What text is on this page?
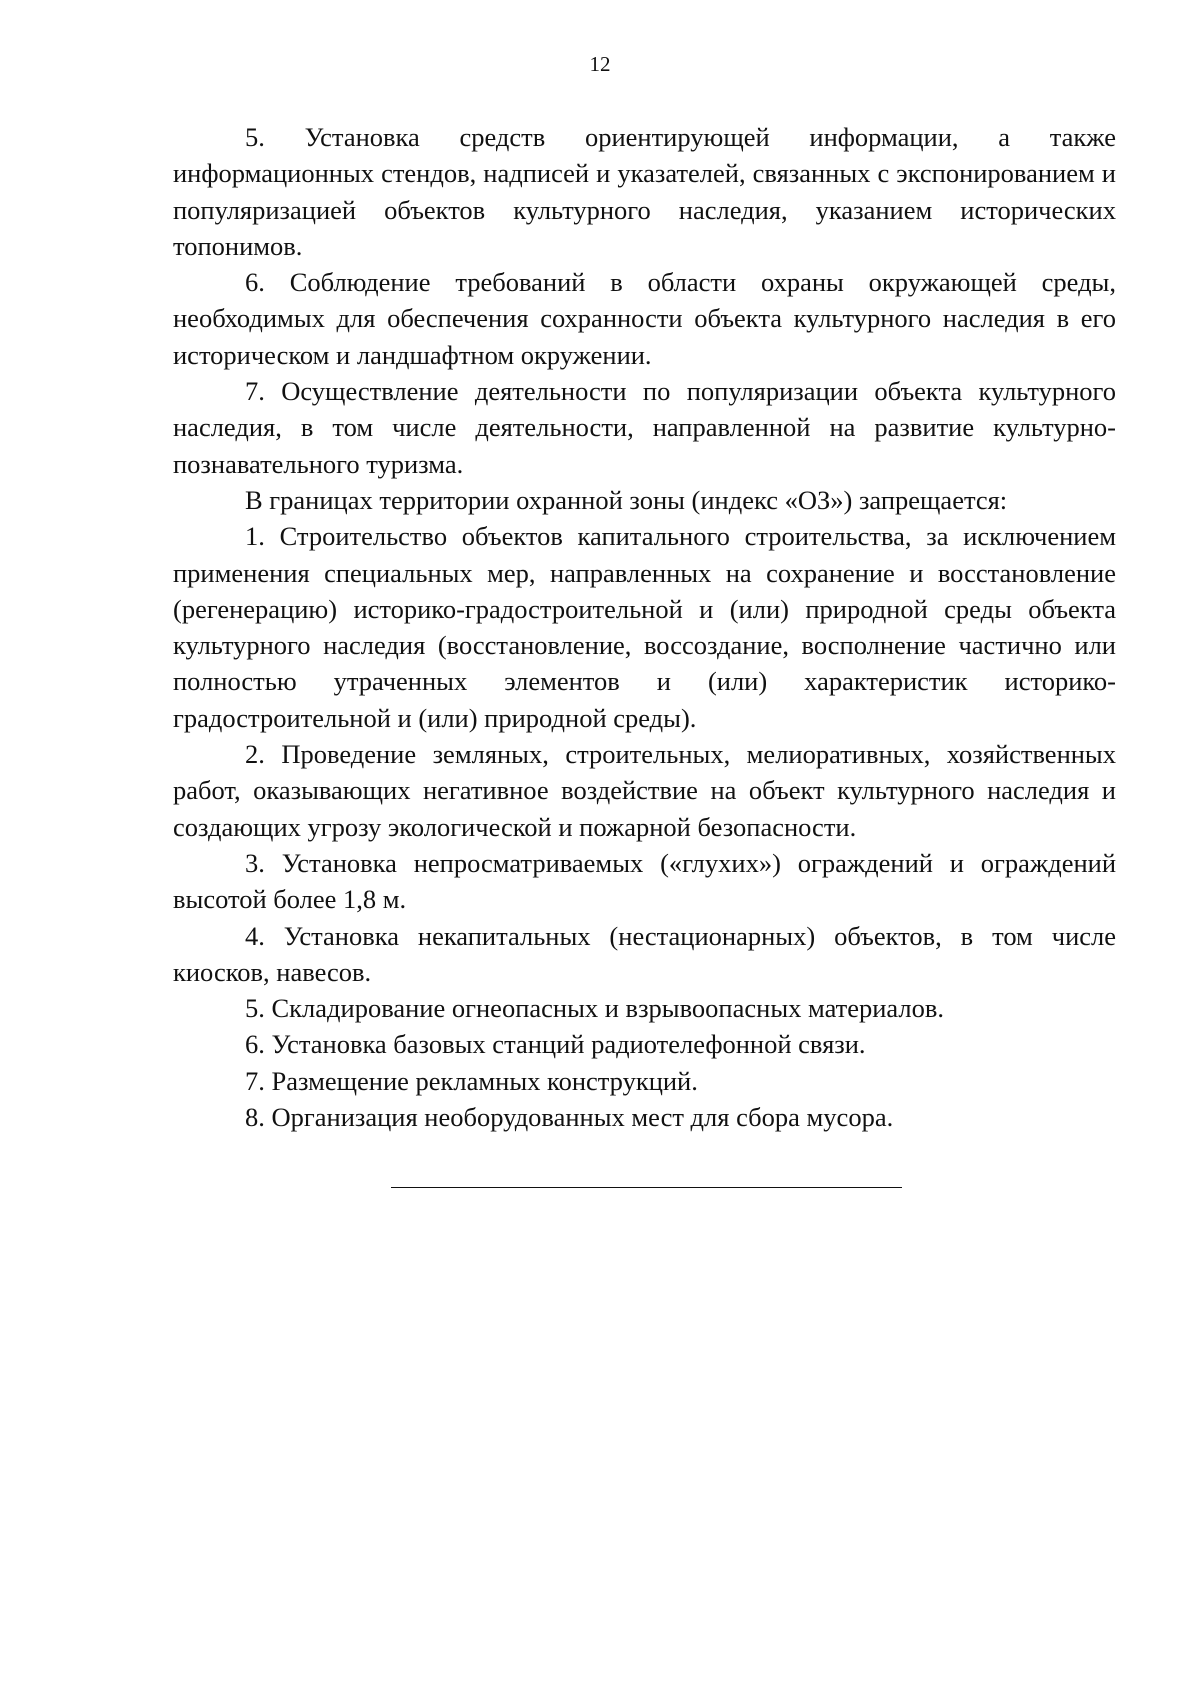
12

5. Установка средств ориентирующей информации, а также информационных стендов, надписей и указателей, связанных с экспонированием и популяризацией объектов культурного наследия, указанием исторических топонимов.

6. Соблюдение требований в области охраны окружающей среды, необходимых для обеспечения сохранности объекта культурного наследия в его историческом и ландшафтном окружении.

7. Осуществление деятельности по популяризации объекта культурного наследия, в том числе деятельности, направленной на развитие культурно-познавательного туризма.

В границах территории охранной зоны (индекс «ОЗ») запрещается:

1. Строительство объектов капитального строительства, за исключением применения специальных мер, направленных на сохранение и восстановление (регенерацию) историко-градостроительной и (или) природной среды объекта культурного наследия (восстановление, воссоздание, восполнение частично или полностью утраченных элементов и (или) характеристик историко-градостроительной и (или) природной среды).

2. Проведение земляных, строительных, мелиоративных, хозяйственных работ, оказывающих негативное воздействие на объект культурного наследия и создающих угрозу экологической и пожарной безопасности.

3. Установка непросматриваемых («глухих») ограждений и ограждений высотой более 1,8 м.

4. Установка некапитальных (нестационарных) объектов, в том числе киосков, навесов.

5. Складирование огнеопасных и взрывоопасных материалов.

6. Установка базовых станций радиотелефонной связи.

7. Размещение рекламных конструкций.

8. Организация необорудованных мест для сбора мусора.
